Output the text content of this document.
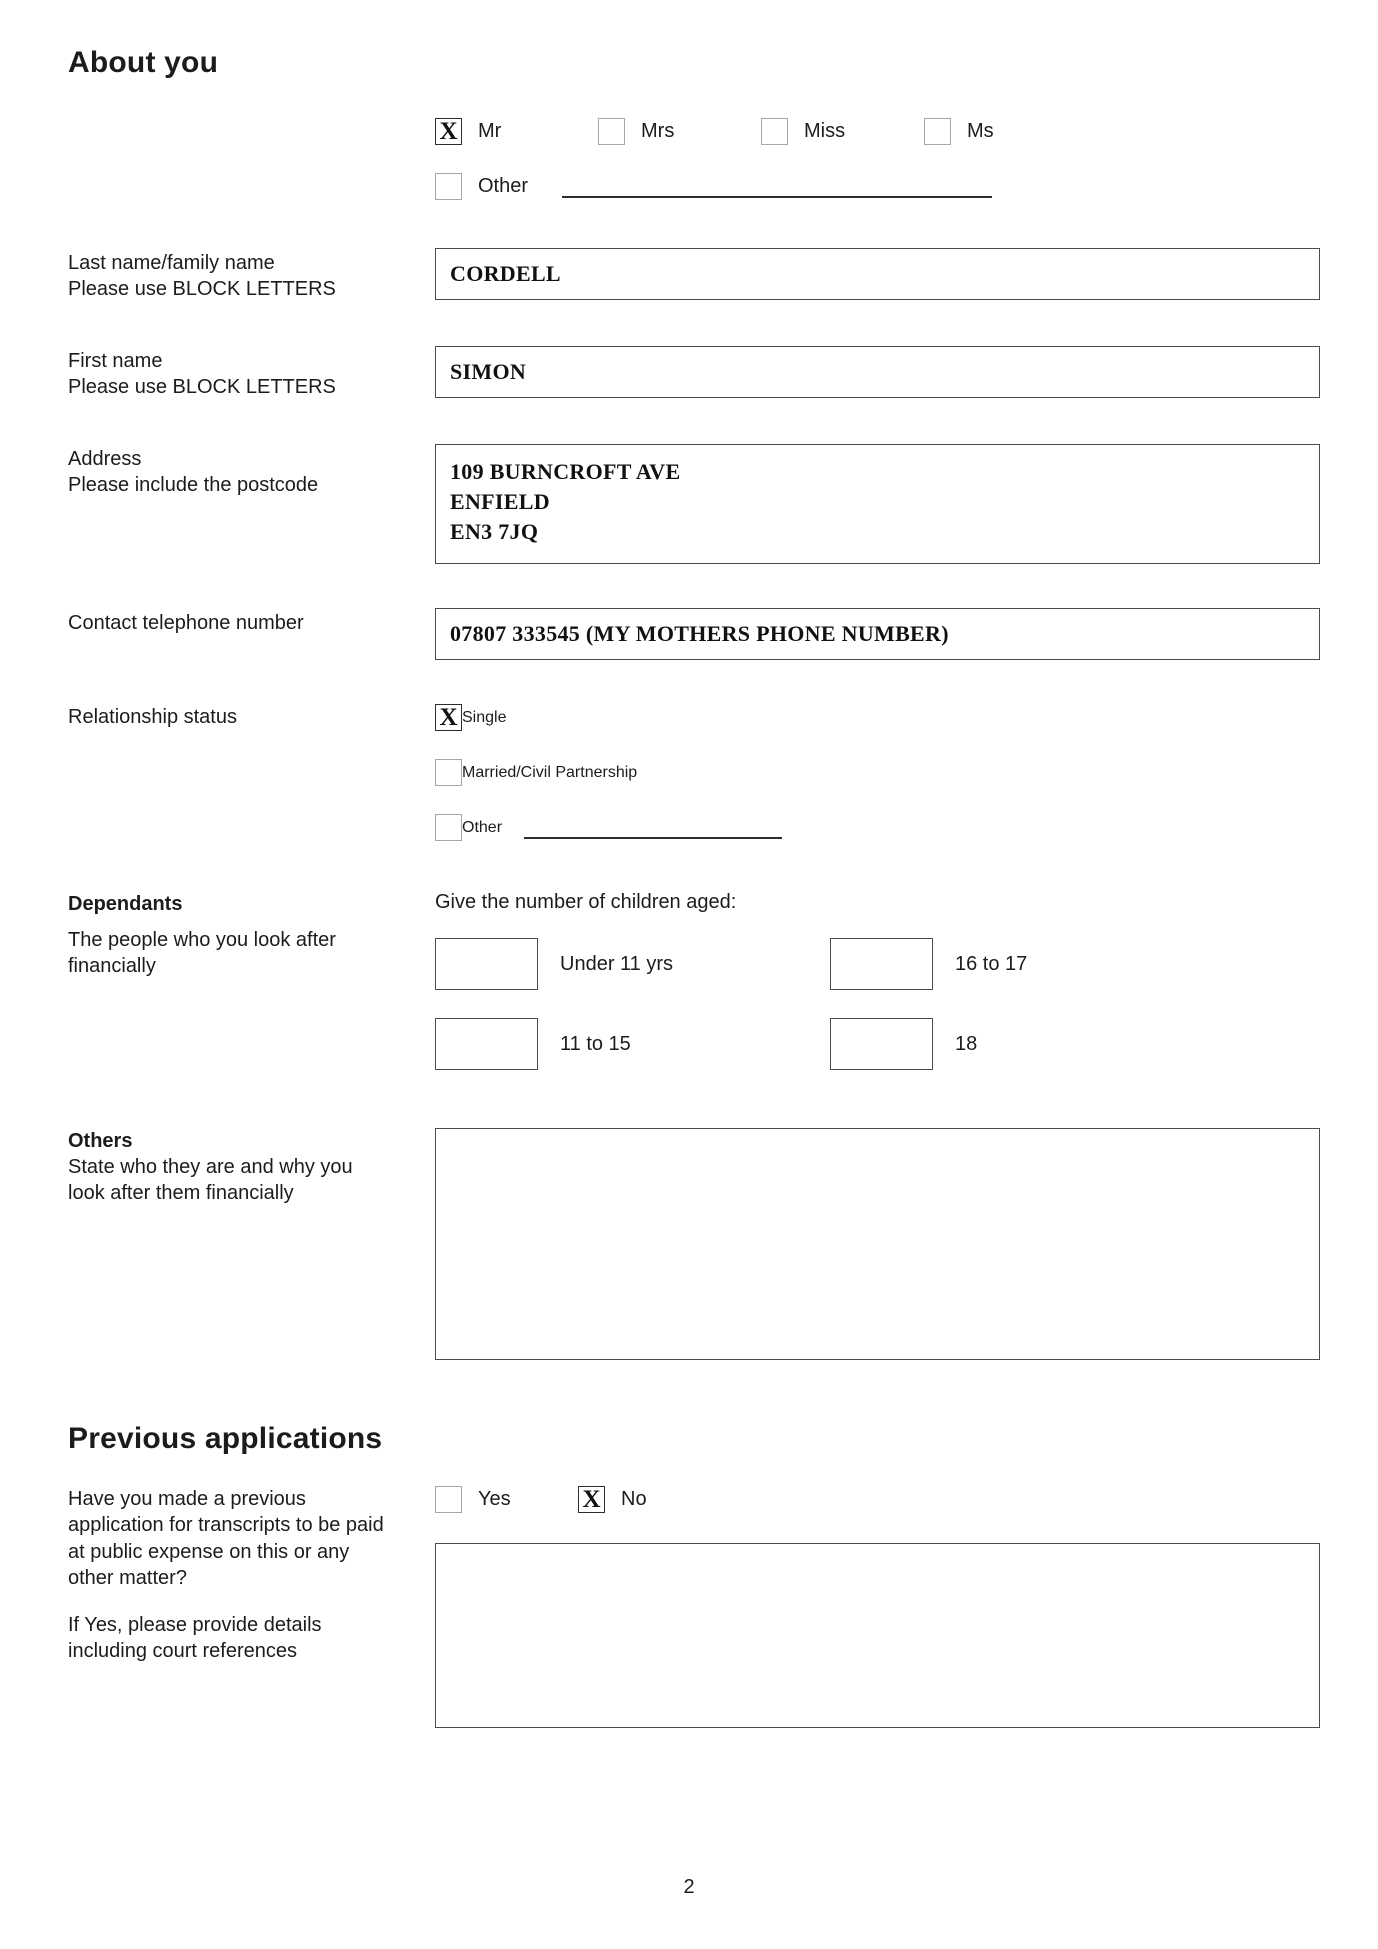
About you
X Mr	Mrs	Miss	Ms
Other
Last name/family name
Please use BLOCK LETTERS
CORDELL
First name
Please use BLOCK LETTERS
SIMON
Address
Please include the postcode
109 BURNCROFT AVE
ENFIELD
EN3 7JQ
Contact telephone number	07807 333545 (MY MOTHERS PHONE NUMBER)
Relationship status	X Single
Married/Civil Partnership
Other
Dependants
The people who you look after financially
Give the number of children aged:
Under 11 yrs	16 to 17
11 to 15	18
Others
State who they are and why you look after them financially
Previous applications

Have you made a previous application for transcripts to be paid at public expense on this or any other matter?

If Yes, please provide details including court references

Yes	X No
2
